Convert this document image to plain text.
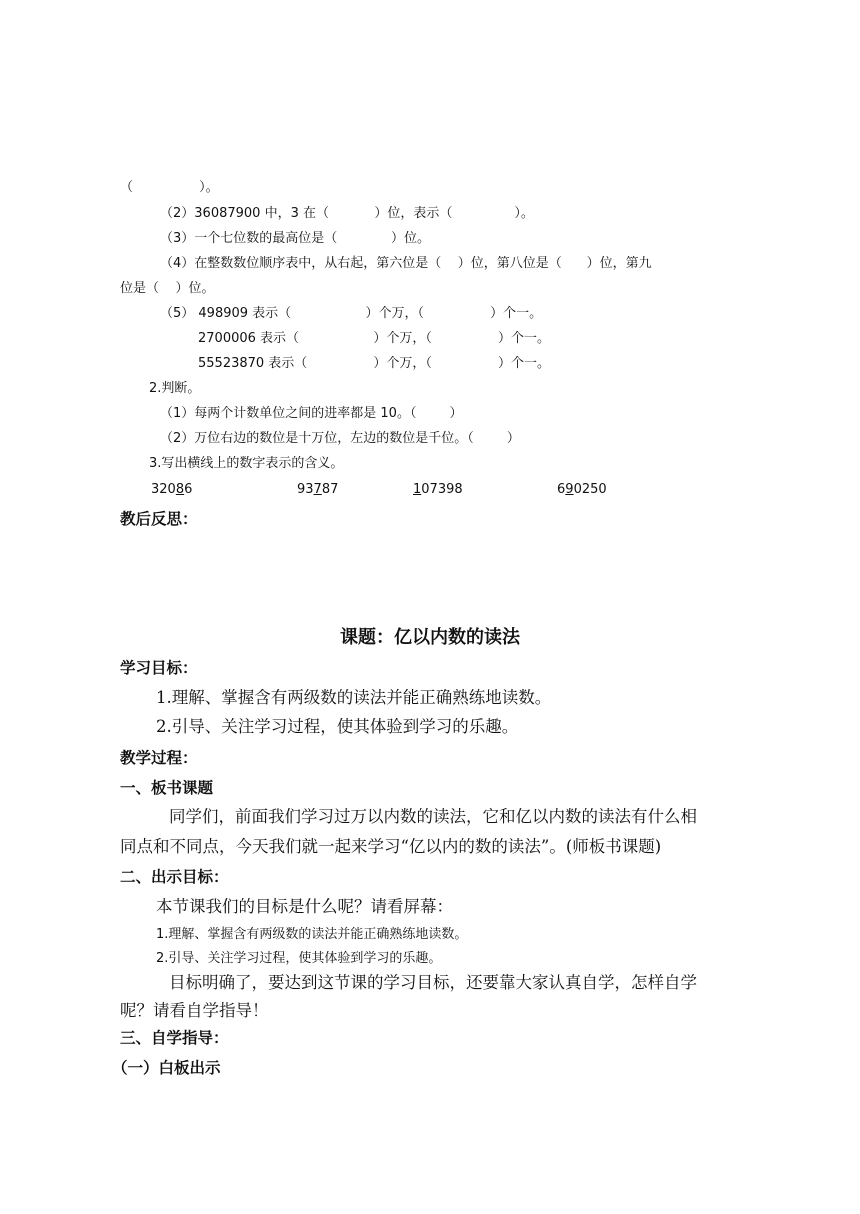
（                ）。
（2）36087900 中，3 在（           ）位，表示（               ）。
（3）一个七位数的最高位是（             ）位。
（4）在整数数位顺序表中，从右起，第六位是（    ）位，第八位是（      ）位，第九
位是（    ）位。
（5） 498909 表示（                  ）个万，（                ）个一。
2700006 表示（                  ）个万，（                ）个一。
55523870 表示（                ）个万，（                ）个一。
2.判断。
（1）每两个计数单位之间的进率都是 10。（        ）
（2）万位右边的数位是十万位，左边的数位是千位。（        ）
3.写出横线上的数字表示的含义。
32086	93787	107398	690250
教后反思：
课题：亿以内数的读法
学习目标：
1.理解、掌握含有两级数的读法并能正确熟练地读数。
2.引导、关注学习过程，使其体验到学习的乐趣。
教学过程：
一、板书课题
同学们，前面我们学习过万以内数的读法，它和亿以内数的读法有什么相
同点和不同点，今天我们就一起来学习“亿以内的数的读法”。(师板书课题)
二、出示目标：
本节课我们的目标是什么呢？请看屏幕：
1.理解、掌握含有两级数的读法并能正确熟练地读数。
2.引导、关注学习过程，使其体验到学习的乐趣。
目标明确了，要达到这节课的学习目标，还要靠大家认真自学，怎样自学
呢？请看自学指导！
三、自学指导：
（一）白板出示
